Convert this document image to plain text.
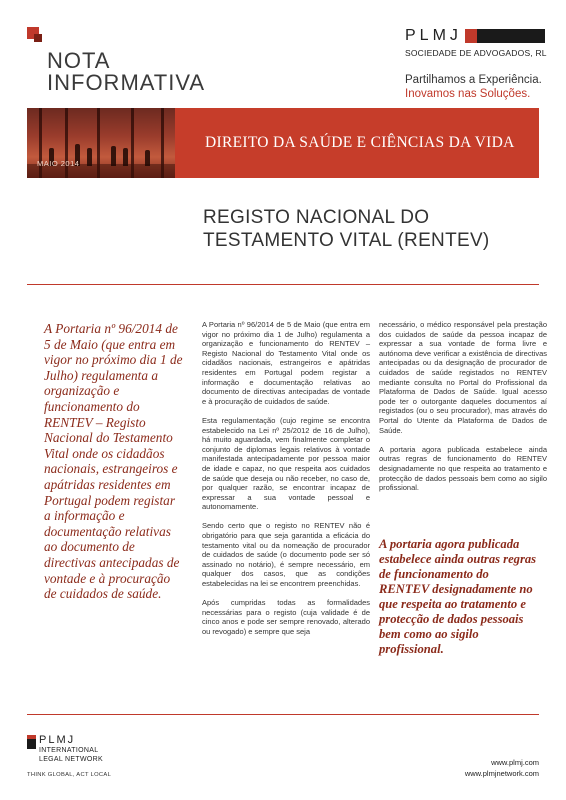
NOTA
INFORMATIVA
PLMJ
SOCIEDADE DE ADVOGADOS, RL
Partilhamos a Experiência.
Inovamos nas Soluções.
MAIO 2014
DIREITO DA SAÚDE E CIÊNCIAS DA VIDA
REGISTO NACIONAL DO
TESTAMENTO VITAL (RENTEV)
A Portaria nº 96/2014 de 5 de Maio (que entra em vigor no próximo dia 1 de Julho) regulamenta a organização e funcionamento do RENTEV – Registo Nacional do Testamento Vital onde os cidadãos nacionais, estrangeiros e apátridas residentes em Portugal podem registar a informação e documentação relativas ao documento de directivas antecipadas de vontade e à procuração de cuidados de saúde.

A Portaria nº 96/2014 de 5 de Maio (que entra em vigor no próximo dia 1 de Julho) regulamenta a organização e funcionamento do RENTEV – Registo Nacional do Testamento Vital onde os cidadãos nacionais, estrangeiros e apátridas residentes em Portugal podem registar a informação e documentação relativas ao documento de directivas antecipadas de vontade e à procuração de cuidados de saúde.

Esta regulamentação (cujo regime se encontra estabelecido na Lei nº 25/2012 de 16 de Julho), há muito aguardada, vem finalmente completar o conjunto de diplomas legais relativos à vontade manifestada antecipadamente por pessoa maior de idade e capaz, no que respeita aos cuidados de saúde que deseja ou não receber, no caso de, por qualquer razão, se encontrar incapaz de expressar a sua vontade pessoal e autonomamente.

Sendo certo que o registo no RENTEV não é obrigatório para que seja garantida a eficácia do testamento vital ou da nomeação de procurador de cuidados de saúde (o documento pode ser só assinado no notário), é sempre necessário, em qualquer dos casos, que as condições estabelecidas na lei se encontrem preenchidas.

Após cumpridas todas as formalidades necessárias para o registo (cuja validade é de cinco anos e pode ser sempre renovado, alterado ou revogado) e sempre que seja

necessário, o médico responsável pela prestação dos cuidados de saúde da pessoa incapaz de expressar a sua vontade de forma livre e autónoma deve verificar a existência de directivas antecipadas ou da designação de procurador de cuidados de saúde registados no RENTEV mediante consulta no Portal do Profissional da Plataforma de Dados de Saúde. Igual acesso pode ter o outorgante daqueles documentos aí registados (ou o seu procurador), mas através do Portal do Utente da Plataforma de Dados de Saúde.

A portaria agora publicada estabelece ainda outras regras de funcionamento do RENTEV designadamente no que respeita ao tratamento e protecção de dados pessoais bem como ao sigilo profissional.

A portaria agora publicada estabelece ainda outras regras de funcionamento do RENTEV designadamente no que respeita ao tratamento e protecção de dados pessoais bem como ao sigilo profissional.
PLMJ
INTERNATIONAL
LEGAL NETWORK
THINK GLOBAL, ACT LOCAL
www.plmj.com
www.plmjnetwork.com
